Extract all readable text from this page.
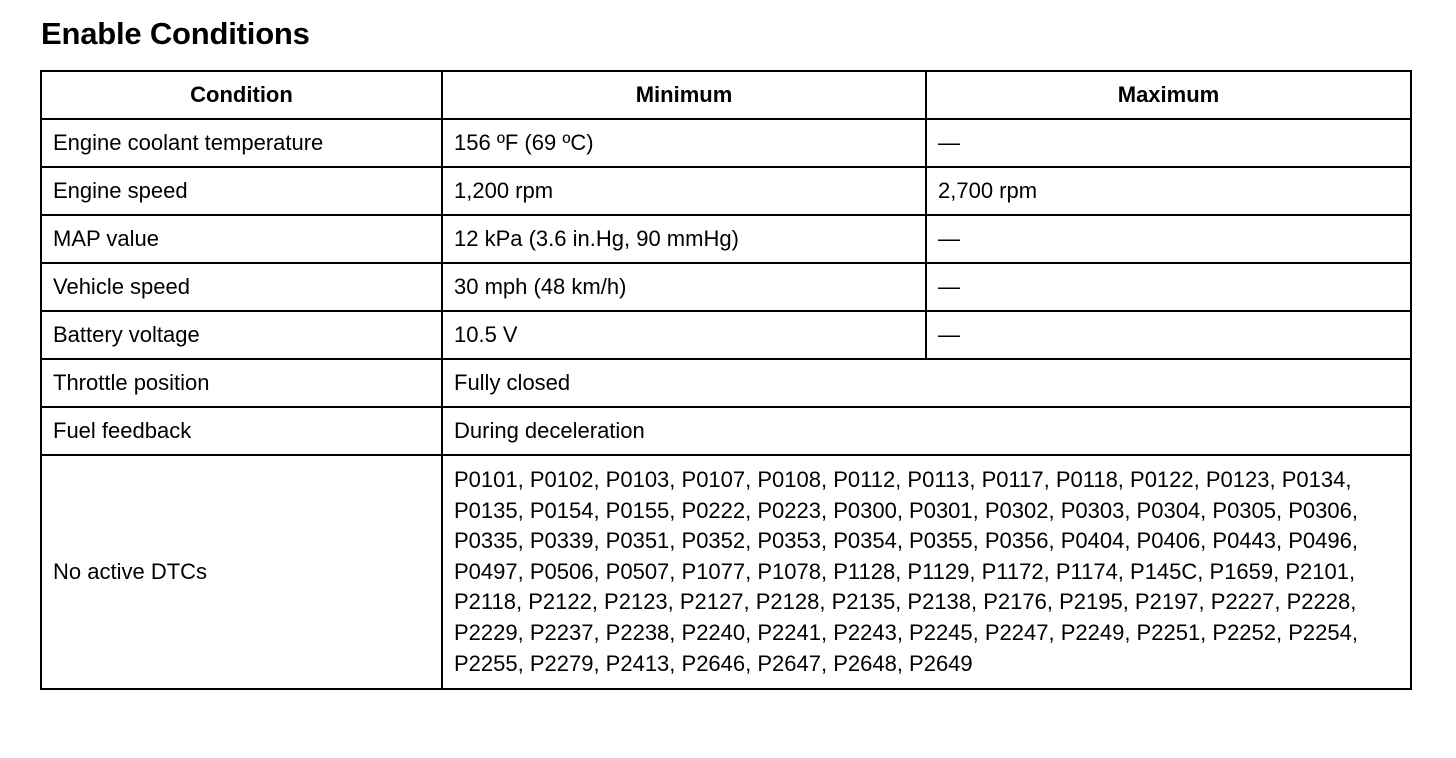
Enable Conditions
Condition	Minimum	Maximum
Engine coolant temperature	156 ºF (69 ºC)	—
Engine speed	1,200 rpm	2,700 rpm
MAP value	12 kPa (3.6 in.Hg, 90 mmHg)	—
Vehicle speed	30 mph (48 km/h)	—
Battery voltage	10.5 V	—
Throttle position	Fully closed	
Fuel feedback	During deceleration	
No active DTCs	P0101, P0102, P0103, P0107, P0108, P0112, P0113, P0117, P0118, P0122, P0123, P0134, P0135, P0154, P0155, P0222, P0223, P0300, P0301, P0302, P0303, P0304, P0305, P0306, P0335, P0339, P0351, P0352, P0353, P0354, P0355, P0356, P0404, P0406, P0443, P0496, P0497, P0506, P0507, P1077, P1078, P1128, P1129, P1172, P1174, P145C, P1659, P2101, P2118, P2122, P2123, P2127, P2128, P2135, P2138, P2176, P2195, P2197, P2227, P2228, P2229, P2237, P2238, P2240, P2241, P2243, P2245, P2247, P2249, P2251, P2252, P2254, P2255, P2279, P2413, P2646, P2647, P2648, P2649	
